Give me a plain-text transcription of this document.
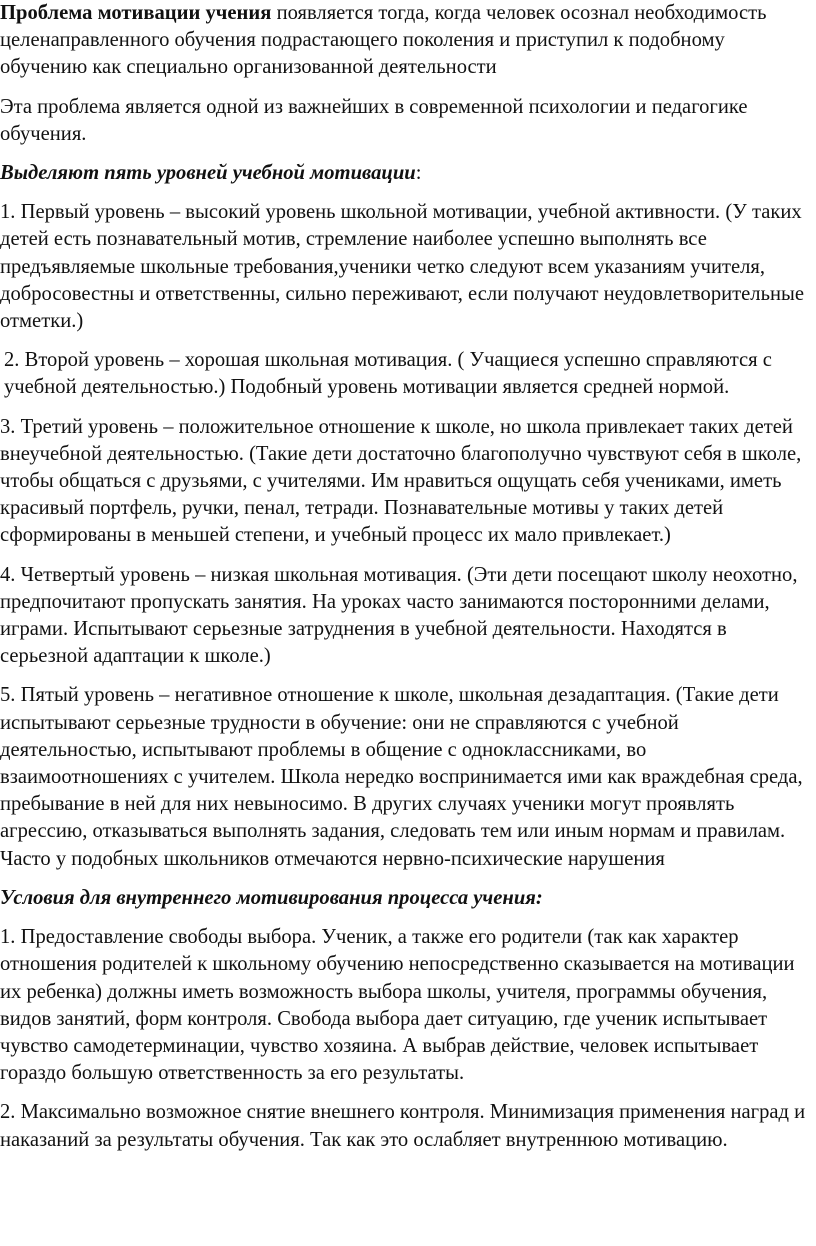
Проблема мотивации учения появляется тогда, когда человек осознал необходимость целенаправленного обучения подрастающего поколения и приступил к подобному обучению как специально организованной деятельности

Эта проблема является одной из важнейших в современной психологии и педагогике обучения.

Выделяют пять уровней учебной мотивации:

1. Первый уровень – высокий уровень школьной мотивации, учебной активности. (У таких детей есть познавательный мотив, стремление наиболее успешно выполнять все предъявляемые школьные требования,ученики четко следуют всем указаниям учителя, добросовестны и ответственны, сильно переживают, если получают неудовлетворительные отметки.)

2. Второй уровень – хорошая школьная мотивация. ( Учащиеся успешно справляются с учебной деятельностью.) Подобный уровень мотивации является средней нормой.

3. Третий уровень – положительное отношение к школе, но школа привлекает таких детей внеучебной деятельностью. (Такие дети достаточно благополучно чувствуют себя в школе, чтобы общаться с друзьями, с учителями. Им нравиться ощущать себя учениками, иметь красивый портфель, ручки, пенал, тетради. Познавательные мотивы у таких детей сформированы в меньшей степени, и учебный процесс их мало привлекает.)

4. Четвертый уровень – низкая школьная мотивация. (Эти дети посещают школу неохотно, предпочитают пропускать занятия. На уроках часто занимаются посторонними делами, играми. Испытывают серьезные затруднения в учебной деятельности. Находятся в серьезной адаптации к школе.)

5. Пятый уровень – негативное отношение к школе, школьная дезадаптация. (Такие дети испытывают серьезные трудности в обучение: они не справляются с учебной деятельностью, испытывают проблемы в общение с одноклассниками, во взаимоотношениях с учителем. Школа нередко воспринимается ими как враждебная среда, пребывание в ней для них невыносимо. В других случаях ученики могут проявлять агрессию, отказываться выполнять задания, следовать тем или иным нормам и правилам. Часто у подобных школьников отмечаются нервно-психические нарушения

Условия для внутреннего мотивирования процесса учения:

1. Предоставление свободы выбора. Ученик, а также его родители (так как характер отношения родителей к школьному обучению непосредственно сказывается на мотивации их ребенка) должны иметь возможность выбора школы, учителя, программы обучения, видов занятий, форм контроля. Свобода выбора дает ситуацию, где ученик испытывает чувство самодетерминации, чувство хозяина. А выбрав действие, человек испытывает гораздо большую ответственность за его результаты.

2. Максимально возможное снятие внешнего контроля. Минимизация применения наград и наказаний за результаты обучения. Так как это ослабляет внутреннюю мотивацию.
